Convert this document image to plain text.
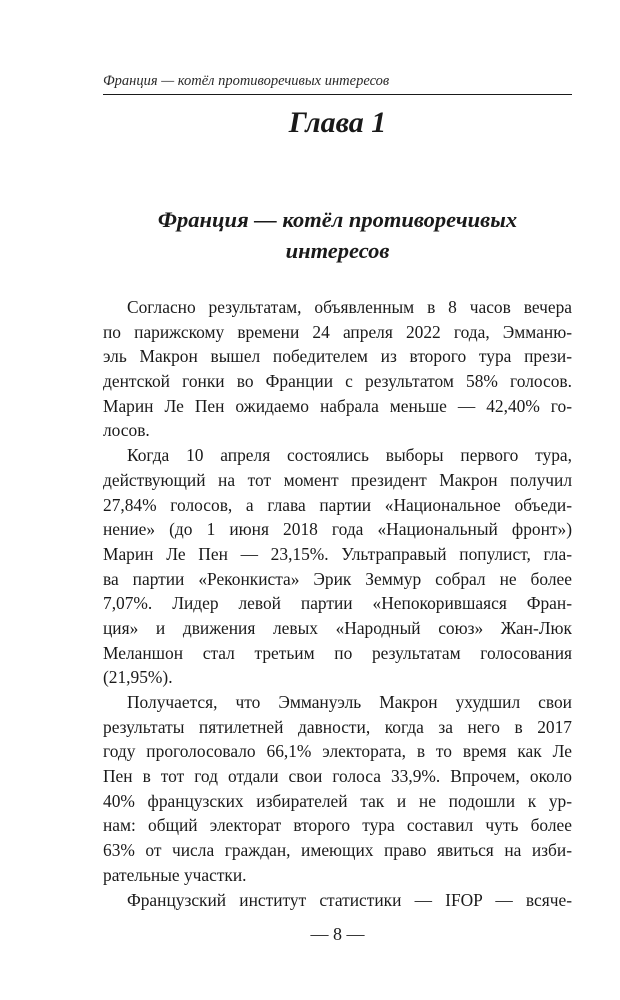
Франция — котёл противоречивых интересов
Глава 1
Франция — котёл противоречивых
интересов
Согласно результатам, объявленным в 8 часов вечера
по парижскому времени 24 апреля 2022 года, Эмманю-
эль Макрон вышел победителем из второго тура прези-
дентской гонки во Франции с результатом 58% голосов.
Марин Ле Пен ожидаемо набрала меньше — 42,40% го-
лосов.
Когда 10 апреля состоялись выборы первого тура,
действующий на тот момент президент Макрон получил
27,84% голосов, а глава партии «Национальное объеди-
нение» (до 1 июня 2018 года «Национальный фронт»)
Марин Ле Пен — 23,15%. Ультраправый популист, гла-
ва партии «Реконкиста» Эрик Земмур собрал не более
7,07%. Лидер левой партии «Непокорившаяся Фран-
ция» и движения левых «Народный союз» Жан-Люк
Меланшон стал третьим по результатам голосования
(21,95%).
Получается, что Эммануэль Макрон ухудшил свои
результаты пятилетней давности, когда за него в 2017
году проголосовало 66,1% электората, в то время как Ле
Пен в тот год отдали свои голоса 33,9%. Впрочем, около
40% французских избирателей так и не подошли к ур-
нам: общий электорат второго тура составил чуть более
63% от числа граждан, имеющих право явиться на изби-
рательные участки.
Французский институт статистики — IFOP — всяче-
— 8 —
